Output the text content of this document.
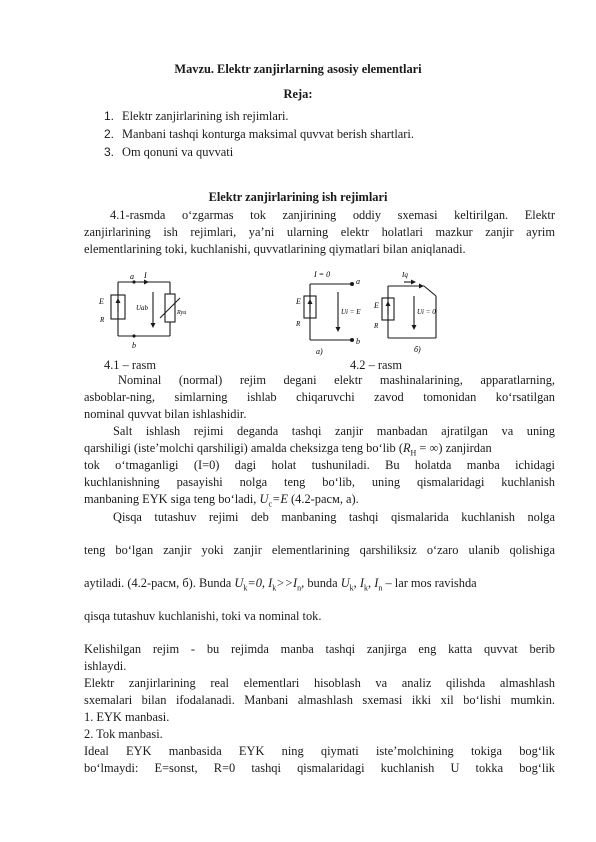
Mavzu. Elektr zanjirlarning asosiy elementlari
Reja:
1. Elektr zanjirlarining ish rejimlari.
2. Manbani tashqi konturga maksimal quvvat berish shartlari.
3. Om qonuni va quvvati
Elektr zanjirlarining ish rejimlari
4.1-rasmda o‘zgarmas tok zanjirining oddiy sxemasi keltirilgan. Elektr
zanjirlarining ish rejimlari, ya’ni ularning elektr holatlari mazkur zanjir ayrim
elementlarining toki, kuchlanishi, quvvatlarining qiymatlari bilan aniqlanadi.
a I
E
R
Uab
Ryu
b
I = 0
a
E
R
Ui = E
b
a)
Iq
E
R
Ui = 0
б)
4.1 – rasm	4.2 – rasm
Nominal (normal) rejim degani elektr mashinalarining, apparatlarning,
asboblar-ning, simlarning ishlab chiqaruvchi zavod tomonidan ko‘rsatilgan
nominal quvvat bilan ishlashidir.
Salt ishlash rejimi deganda tashqi zanjir manbadan ajratilgan va uning
qarshiligi (iste’molchi qarshiligi) amalda cheksizga teng bo‘lib ($R_H$ = ∞) zanjirdan
tok o‘tmaganligi (I=0) dagi holat tushuniladi. Bu holatda manba ichidagi
kuchlanishning pasayishi nolga teng bo‘lib, uning qismalaridagi kuchlanish
manbaning EYK siga teng bo‘ladi, $U_c=E$ (4.2-расм, а).
Qisqa tutashuv rejimi deb manbaning tashqi qismalarida kuchlanish nolga
teng bo‘lgan zanjir yoki zanjir elementlarining qarshiliksiz o‘zaro ulanib qolishiga
aytiladi. (4.2-расм, б). Bunda $U_k=0$, $I_k>>I_n$, bunda $U_k$, $I_k$, $I_n$ – lar mos ravishda
qisqa tutashuv kuchlanishi, toki va nominal tok.
Kelishilgan rejim - bu rejimda manba tashqi zanjirga eng katta quvvat berib
ishlaydi.
Elektr zanjirlarining real elementlari hisoblash va analiz qilishda almashlash
sxemalari bilan ifodalanadi. Manbani almashlash sxemasi ikki xil bo‘lishi mumkin.
1. EYK manbasi.
2. Tok manbasi.
Ideal EYK manbasida EYK ning qiymati iste’molchining tokiga bog‘lik
bo‘lmaydi: E=sonst, R=0 tashqi qismalaridagi kuchlanish U tokka bog‘lik
